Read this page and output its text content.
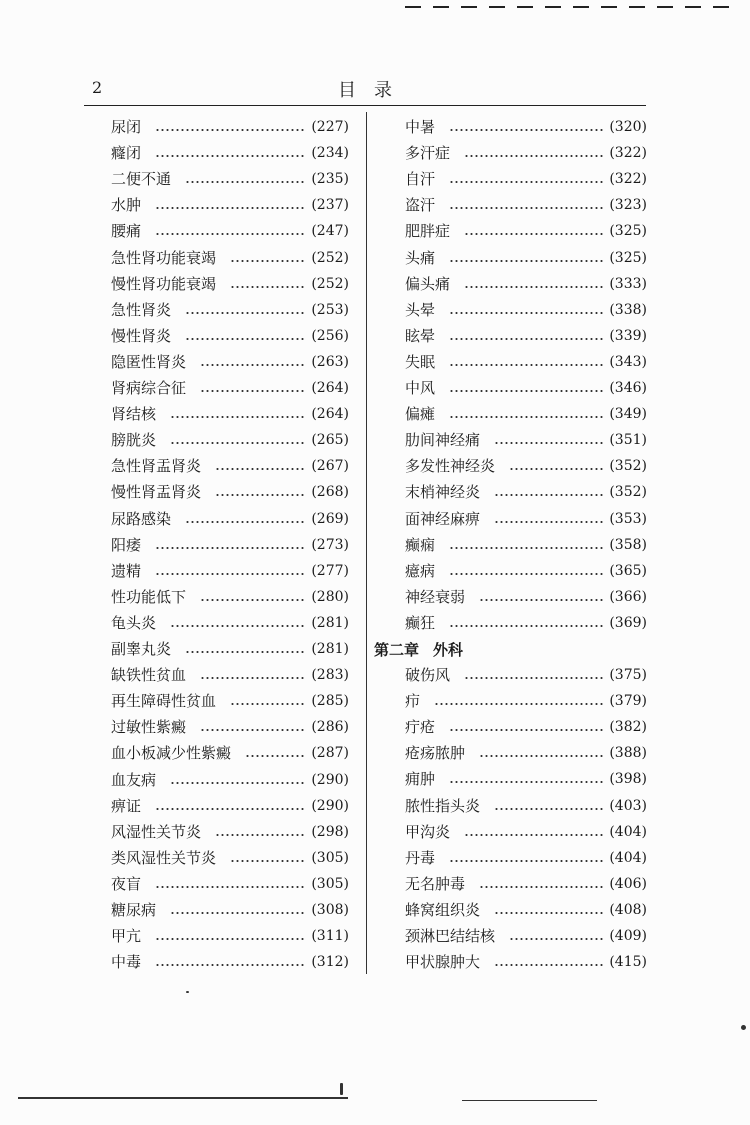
2	目录
尿闭	(227)
癃闭	(234)
二便不通	(235)
水肿	(237)
腰痛	(247)
急性肾功能衰竭	(252)
慢性肾功能衰竭	(252)
急性肾炎	(253)
慢性肾炎	(256)
隐匿性肾炎	(263)
肾病综合征	(264)
肾结核	(264)
膀胱炎	(265)
急性肾盂肾炎	(267)
慢性肾盂肾炎	(268)
尿路感染	(269)
阳痿	(273)
遗精	(277)
性功能低下	(280)
龟头炎	(281)
副睾丸炎	(281)
缺铁性贫血	(283)
再生障碍性贫血	(285)
过敏性紫癜	(286)
血小板减少性紫癜	(287)
血友病	(290)
痹证	(290)
风湿性关节炎	(298)
类风湿性关节炎	(305)
夜盲	(305)
糖尿病	(308)
甲亢	(311)
中毒	(312)
中暑	(320)
多汗症	(322)
自汗	(322)
盗汗	(323)
肥胖症	(325)
头痛	(325)
偏头痛	(333)
头晕	(338)
眩晕	(339)
失眠	(343)
中风	(346)
偏瘫	(349)
肋间神经痛	(351)
多发性神经炎	(352)
末梢神经炎	(352)
面神经麻痹	(353)
癫痫	(358)
癔病	(365)
神经衰弱	(366)
癫狂	(369)
第二章 外科
破伤风	(375)
疖	(379)
疔疮	(382)
疮疡脓肿	(388)
痈肿	(398)
脓性指头炎	(403)
甲沟炎	(404)
丹毒	(404)
无名肿毒	(406)
蜂窝组织炎	(408)
颈淋巴结结核	(409)
甲状腺肿大	(415)
